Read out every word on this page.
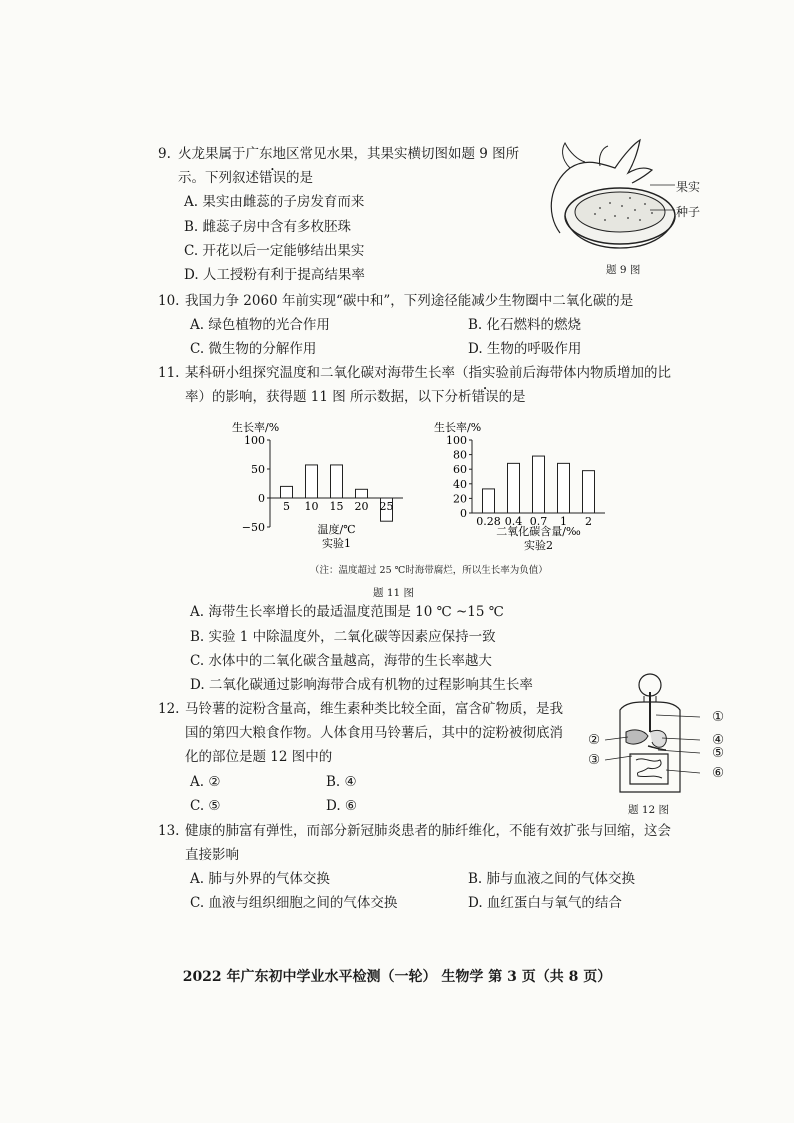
9. 火龙果属于广东地区常见水果，其果实横切图如题 9 图所
示。下列叙述错误的是
A. 果实由雌蕊的子房发育而来
B. 雌蕊子房中含有多枚胚珠
C. 开花以后一定能够结出果实
D. 人工授粉有利于提高结果率
果实
种子
题 9 图
10. 我国力争 2060 年前实现“碳中和”，下列途径能减少生物圈中二氧化碳的是
A. 绿色植物的光合作用	B. 化石燃料的燃烧
C. 微生物的分解作用	D. 生物的呼吸作用
11. 某科研小组探究温度和二氧化碳对海带生长率（指实验前后海带体内物质增加的比
率）的影响，获得题 11 图 所示数据，以下分析错误的是
生长率/%
100
50
0
−50
5 10 15 20 25
温度/℃
实验1
生长率/%
100
80
60
40
20
0
0.28 0.4 0.7 1 2
二氧化碳含量/‰
实验2
（注：温度超过 25 ℃时海带腐烂，所以生长率为负值）
题 11 图
A. 海带生长率增长的最适温度范围是 10 ℃ ~15 ℃
B. 实验 1 中除温度外，二氧化碳等因素应保持一致
C. 水体中的二氧化碳含量越高，海带的生长率越大
D. 二氧化碳通过影响海带合成有机物的过程影响其生长率
12. 马铃薯的淀粉含量高，维生素种类比较全面，富含矿物质，是我
国的第四大粮食作物。人体食用马铃薯后，其中的淀粉被彻底消
化的部位是题 12 图中的
A. ②	B. ④
C. ⑤	D. ⑥
①
②
③
④
⑤
⑥
题 12 图
13. 健康的肺富有弹性，而部分新冠肺炎患者的肺纤维化，不能有效扩张与回缩，这会
直接影响
A. 肺与外界的气体交换	B. 肺与血液之间的气体交换
C. 血液与组织细胞之间的气体交换	D. 血红蛋白与氧气的结合
2022 年广东初中学业水平检测（一轮） 生物学 第 3 页（共 8 页）
